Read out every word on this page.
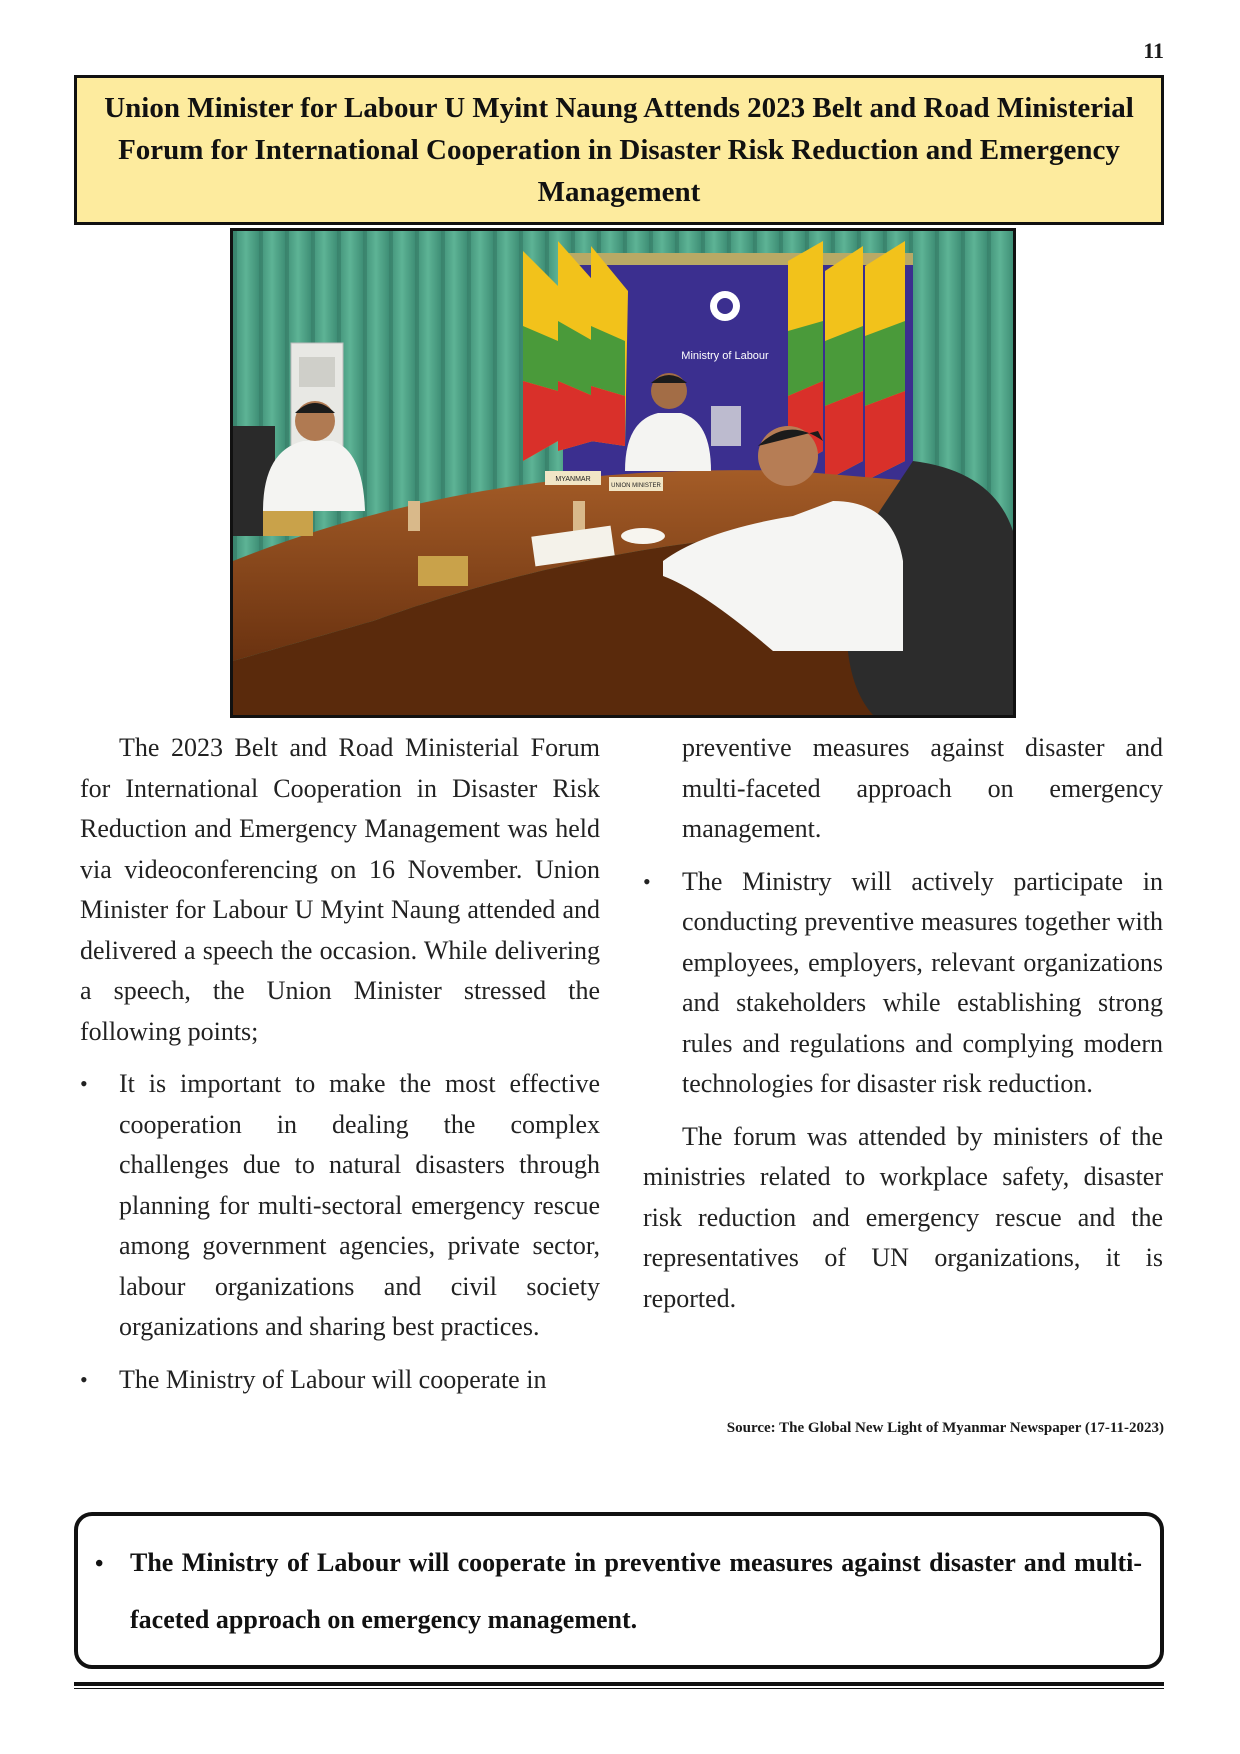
11
Union Minister for Labour U Myint Naung Attends 2023 Belt and Road Ministerial Forum for International Cooperation in Disaster Risk Reduction and Emergency Management
Ministry of Labour
MYANMAR
UNION MINISTER

The 2023 Belt and Road Ministerial Forum for International Cooperation in Disaster Risk Reduction and Emergency Management was held via videoconferencing on 16 November. Union Minister for Labour U Myint Naung attended and delivered a speech the occasion. While delivering a speech, the Union Minister stressed the following points;

• It is important to make the most effective cooperation in dealing the complex challenges due to natural disasters through planning for multi-sectoral emergency rescue among government agencies, private sector, labour organizations and civil society organizations and sharing best practices.
• The Ministry of Labour will cooperate in

preventive measures against disaster and multi-faceted approach on emergency management.

• The Ministry will actively participate in conducting preventive measures together with employees, employers, relevant organizations and stakeholders while establishing strong rules and regulations and complying modern technologies for disaster risk reduction.

The forum was attended by ministers of the ministries related to workplace safety, disaster risk reduction and emergency rescue and the representatives of UN organizations, it is reported.

Source: The Global New Light of Myanmar Newspaper (17-11-2023)
• The Ministry of Labour will cooperate in preventive measures against disaster and multi-faceted approach on emergency management.
